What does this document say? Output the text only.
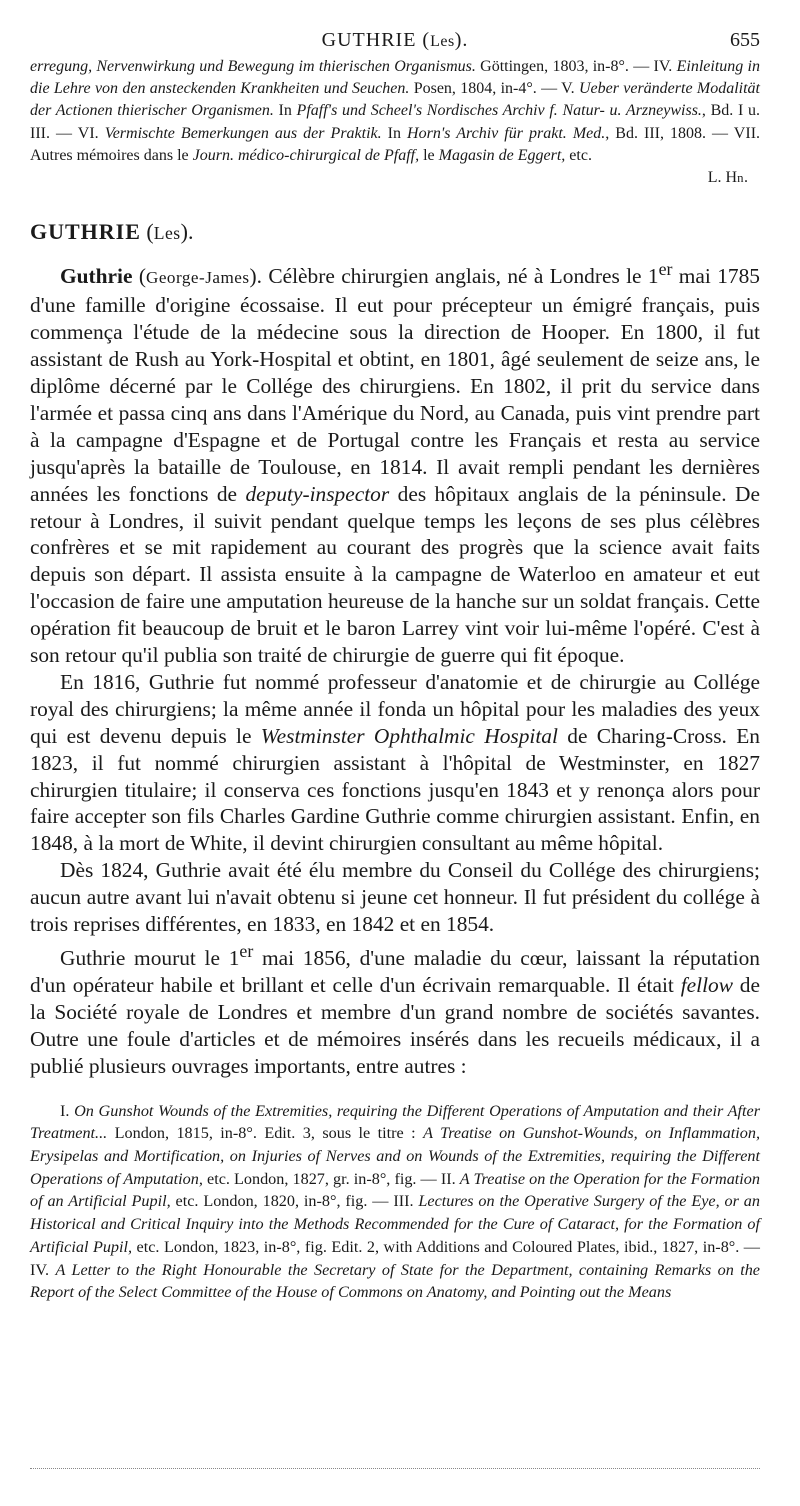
GUTHRIE (Les).	655
erregung, Nervenwirkung und Bewegung im thierischen Organismus. Göttingen, 1803, in-8°. — IV. Einleitung in die Lehre von den ansteckenden Krankheiten und Seuchen. Posen, 1804, in-4°. — V. Ueber veränderte Modalität der Actionen thierischer Organismen. In Pfaff's und Scheel's Nordisches Archiv f. Natur- u. Arzneywiss., Bd. I u. III. — VI. Vermischte Bemerkungen aus der Praktik. In Horn's Archiv für prakt. Med., Bd. III, 1808. — VII. Autres mémoires dans le Journ. médico-chirurgical de Pfaff, le Magasin de Eggert, etc.
L. H n .
GUTHRIE (Les).

Guthrie (George-James). Célèbre chirurgien anglais, né à Londres le 1er mai 1785 d'une famille d'origine écossaise. Il eut pour précepteur un émigré français, puis commença l'étude de la médecine sous la direction de Hooper. En 1800, il fut assistant de Rush au York-Hospital et obtint, en 1801, âgé seulement de seize ans, le diplôme décerné par le Collége des chirurgiens. En 1802, il prit du service dans l'armée et passa cinq ans dans l'Amérique du Nord, au Canada, puis vint prendre part à la campagne d'Espagne et de Portugal contre les Français et resta au service jusqu'après la bataille de Toulouse, en 1814. Il avait rempli pendant les dernières années les fonctions de deputy-inspector des hôpitaux anglais de la péninsule. De retour à Londres, il suivit pendant quelque temps les leçons de ses plus célèbres confrères et se mit rapidement au courant des progrès que la science avait faits depuis son départ. Il assista ensuite à la campagne de Waterloo en amateur et eut l'occasion de faire une amputation heureuse de la hanche sur un soldat français. Cette opération fit beaucoup de bruit et le baron Larrey vint voir lui-même l'opéré. C'est à son retour qu'il publia son traité de chirurgie de guerre qui fit époque.

En 1816, Guthrie fut nommé professeur d'anatomie et de chirurgie au Collége royal des chirurgiens; la même année il fonda un hôpital pour les maladies des yeux qui est devenu depuis le Westminster Ophthalmic Hospital de Charing-Cross. En 1823, il fut nommé chirurgien assistant à l'hôpital de Westminster, en 1827 chirurgien titulaire; il conserva ces fonctions jusqu'en 1843 et y renonça alors pour faire accepter son fils Charles Gardine Guthrie comme chirurgien assistant. Enfin, en 1848, à la mort de White, il devint chirurgien consultant au même hôpital.

Dès 1824, Guthrie avait été élu membre du Conseil du Collége des chirurgiens; aucun autre avant lui n'avait obtenu si jeune cet honneur. Il fut président du collége à trois reprises différentes, en 1833, en 1842 et en 1854.

Guthrie mourut le 1er mai 1856, d'une maladie du cœur, laissant la réputation d'un opérateur habile et brillant et celle d'un écrivain remarquable. Il était fellow de la Société royale de Londres et membre d'un grand nombre de sociétés savantes. Outre une foule d'articles et de mémoires insérés dans les recueils médicaux, il a publié plusieurs ouvrages importants, entre autres :

I. On Gunshot Wounds of the Extremities, requiring the Different Operations of Amputation and their After Treatment... London, 1815, in-8°. Edit. 3, sous le titre : A Treatise on Gunshot-Wounds, on Inflammation, Erysipelas and Mortification, on Injuries of Nerves and on Wounds of the Extremities, requiring the Different Operations of Amputation, etc. London, 1827, gr. in-8°, fig. — II. A Treatise on the Operation for the Formation of an Artificial Pupil, etc. London, 1820, in-8°, fig. — III. Lectures on the Operative Surgery of the Eye, or an Historical and Critical Inquiry into the Methods Recommended for the Cure of Cataract, for the Formation of Artificial Pupil, etc. London, 1823, in-8°, fig. Edit. 2, with Additions and Coloured Plates, ibid., 1827, in-8°. — IV. A Letter to the Right Honourable the Secretary of State for the Department, containing Remarks on the Report of the Select Committee of the House of Commons on Anatomy, and Pointing out the Means
